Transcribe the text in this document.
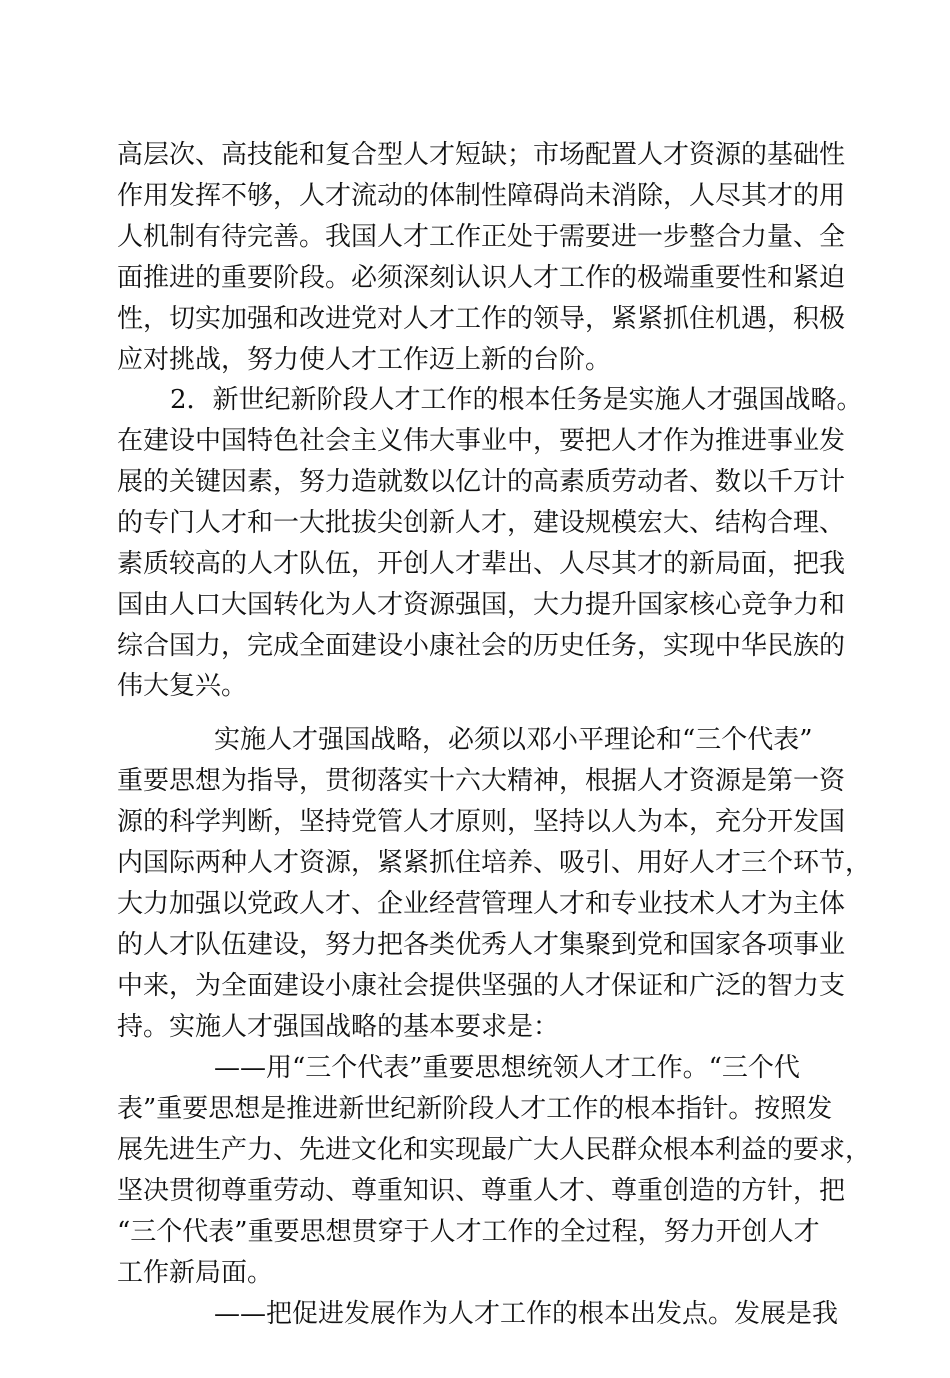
高层次、高技能和复合型人才短缺；市场配置人才资源的基础性
作用发挥不够，人才流动的体制性障碍尚未消除，人尽其才的用
人机制有待完善。我国人才工作正处于需要进一步整合力量、全
面推进的重要阶段。必须深刻认识人才工作的极端重要性和紧迫
性，切实加强和改进党对人才工作的领导，紧紧抓住机遇，积极
应对挑战，努力使人才工作迈上新的台阶。
2．新世纪新阶段人才工作的根本任务是实施人才强国战略。
在建设中国特色社会主义伟大事业中，要把人才作为推进事业发
展的关键因素，努力造就数以亿计的高素质劳动者、数以千万计
的专门人才和一大批拔尖创新人才，建设规模宏大、结构合理、
素质较高的人才队伍，开创人才辈出、人尽其才的新局面，把我
国由人口大国转化为人才资源强国，大力提升国家核心竞争力和
综合国力，完成全面建设小康社会的历史任务，实现中华民族的
伟大复兴。
实施人才强国战略，必须以邓小平理论和“三个代表”
重要思想为指导，贯彻落实十六大精神，根据人才资源是第一资
源的科学判断，坚持党管人才原则，坚持以人为本，充分开发国
内国际两种人才资源，紧紧抓住培养、吸引、用好人才三个环节，
大力加强以党政人才、企业经营管理人才和专业技术人才为主体
的人才队伍建设，努力把各类优秀人才集聚到党和国家各项事业
中来，为全面建设小康社会提供坚强的人才保证和广泛的智力支
持。实施人才强国战略的基本要求是：
——用“三个代表”重要思想统领人才工作。“三个代
表”重要思想是推进新世纪新阶段人才工作的根本指针。按照发
展先进生产力、先进文化和实现最广大人民群众根本利益的要求，
坚决贯彻尊重劳动、尊重知识、尊重人才、尊重创造的方针，把
“三个代表”重要思想贯穿于人才工作的全过程，努力开创人才
工作新局面。
——把促进发展作为人才工作的根本出发点。发展是我
